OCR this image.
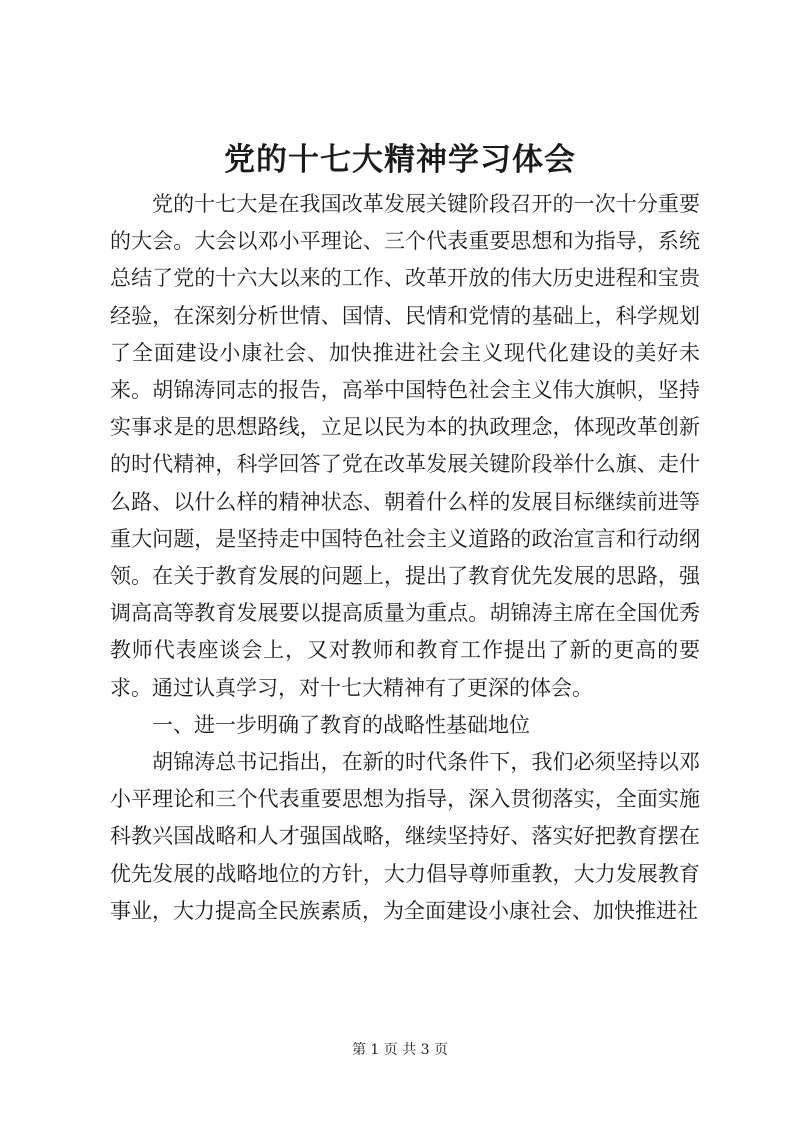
党的十七大精神学习体会

党的十七大是在我国改革发展关键阶段召开的一次十分重要的大会。大会以邓小平理论、三个代表重要思想和为指导，系统总结了党的十六大以来的工作、改革开放的伟大历史进程和宝贵经验，在深刻分析世情、国情、民情和党情的基础上，科学规划了全面建设小康社会、加快推进社会主义现代化建设的美好未来。胡锦涛同志的报告，高举中国特色社会主义伟大旗帜，坚持实事求是的思想路线，立足以民为本的执政理念，体现改革创新的时代精神，科学回答了党在改革发展关键阶段举什么旗、走什么路、以什么样的精神状态、朝着什么样的发展目标继续前进等重大问题，是坚持走中国特色社会主义道路的政治宣言和行动纲领。在关于教育发展的问题上，提出了教育优先发展的思路，强调高高等教育发展要以提高质量为重点。胡锦涛主席在全国优秀教师代表座谈会上，又对教师和教育工作提出了新的更高的要求。通过认真学习，对十七大精神有了更深的体会。

一、进一步明确了教育的战略性基础地位

胡锦涛总书记指出，在新的时代条件下，我们必须坚持以邓小平理论和三个代表重要思想为指导，深入贯彻落实，全面实施科教兴国战略和人才强国战略，继续坚持好、落实好把教育摆在优先发展的战略地位的方针，大力倡导尊师重教，大力发展教育事业，大力提高全民族素质，为全面建设小康社会、加快推进社

第 1 页 共 3 页
